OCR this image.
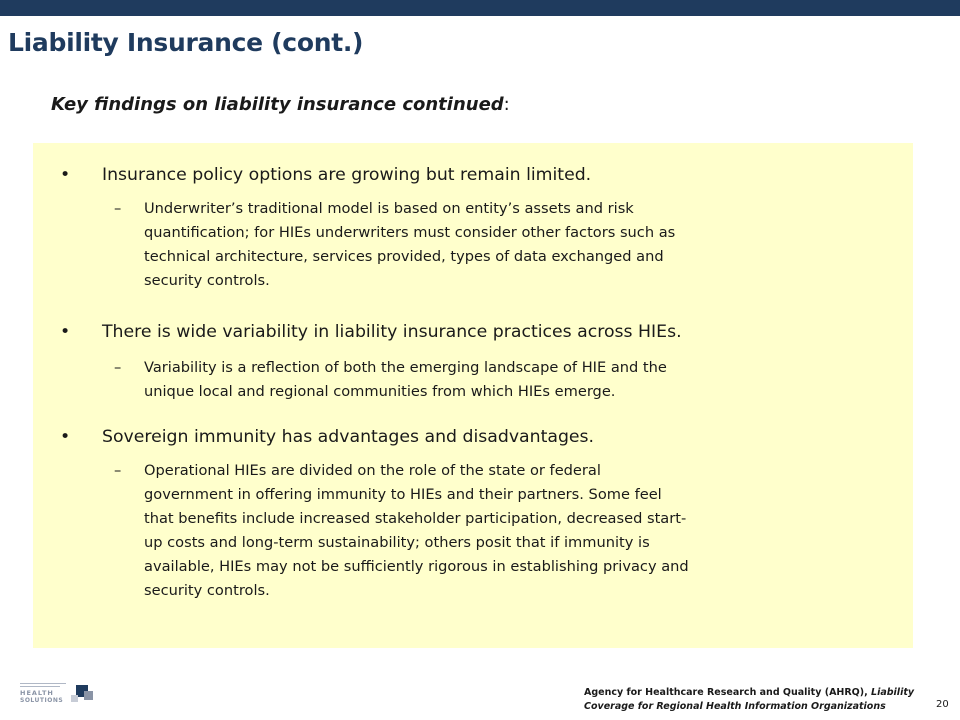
Liability Insurance (cont.)
Key findings on liability insurance continued:
• Insurance policy options are growing but remain limited.
– Underwriter’s traditional model is based on entity’s assets and risk
quantification; for HIEs underwriters must consider other factors such as
technical architecture, services provided, types of data exchanged and
security controls.
• There is wide variability in liability insurance practices across HIEs.
– Variability is a reflection of both the emerging landscape of HIE and the
unique local and regional communities from which HIEs emerge.
• Sovereign immunity has advantages and disadvantages.
– Operational HIEs are divided on the role of the state or federal
government in offering immunity to HIEs and their partners. Some feel
that benefits include increased stakeholder participation, decreased start-
up costs and long-term sustainability; others posit that if immunity is
available, HIEs may not be sufficiently rigorous in establishing privacy and
security controls.
HEALTH
SOLUTIONS
Agency for Healthcare Research and Quality (AHRQ), Liability
Coverage for Regional Health Information Organizations	20
